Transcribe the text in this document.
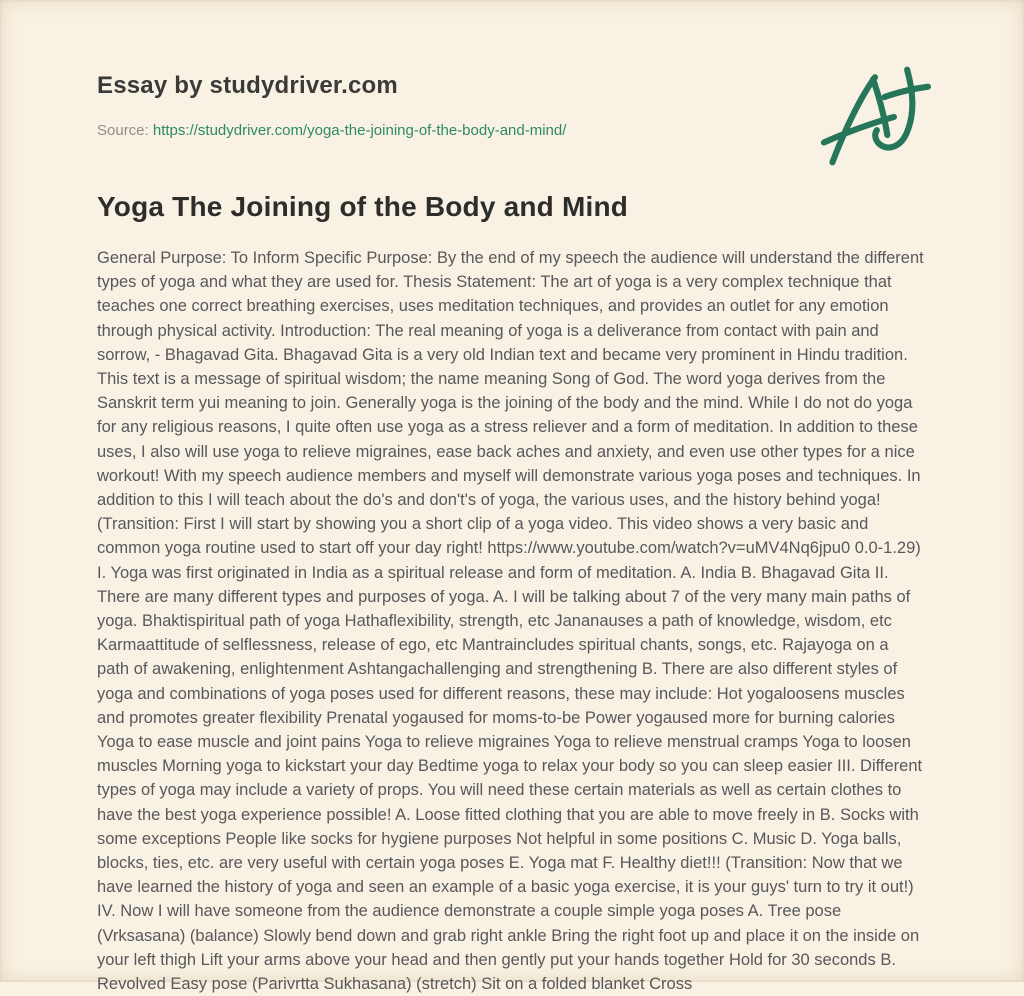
Essay by studydriver.com
Source: https://studydriver.com/yoga-the-joining-of-the-body-and-mind/
Yoga The Joining of the Body and Mind

General Purpose: To Inform Specific Purpose: By the end of my speech the audience will understand the different types of yoga and what they are used for. Thesis Statement: The art of yoga is a very complex technique that teaches one correct breathing exercises, uses meditation techniques, and provides an outlet for any emotion through physical activity. Introduction: The real meaning of yoga is a deliverance from contact with pain and sorrow, - Bhagavad Gita. Bhagavad Gita is a very old Indian text and became very prominent in Hindu tradition. This text is a message of spiritual wisdom; the name meaning Song of God. The word yoga derives from the Sanskrit term yui meaning to join. Generally yoga is the joining of the body and the mind. While I do not do yoga for any religious reasons, I quite often use yoga as a stress reliever and a form of meditation. In addition to these uses, I also will use yoga to relieve migraines, ease back aches and anxiety, and even use other types for a nice workout! With my speech audience members and myself will demonstrate various yoga poses and techniques. In addition to this I will teach about the do's and don't's of yoga, the various uses, and the history behind yoga! (Transition: First I will start by showing you a short clip of a yoga video. This video shows a very basic and common yoga routine used to start off your day right! https://www.youtube.com/watch?v=uMV4Nq6jpu0 0.0-1.29) I. Yoga was first originated in India as a spiritual release and form of meditation. A. India B. Bhagavad Gita II. There are many different types and purposes of yoga. A. I will be talking about 7 of the very many main paths of yoga. Bhaktispiritual path of yoga Hathaflexibility, strength, etc Jananauses a path of knowledge, wisdom, etc Karmaattitude of selflessness, release of ego, etc Mantraincludes spiritual chants, songs, etc. Rajayoga on a path of awakening, enlightenment Ashtangachallenging and strengthening B. There are also different styles of yoga and combinations of yoga poses used for different reasons, these may include: Hot yogaloosens muscles and promotes greater flexibility Prenatal yogaused for moms-to-be Power yogaused more for burning calories Yoga to ease muscle and joint pains Yoga to relieve migraines Yoga to relieve menstrual cramps Yoga to loosen muscles Morning yoga to kickstart your day Bedtime yoga to relax your body so you can sleep easier III. Different types of yoga may include a variety of props. You will need these certain materials as well as certain clothes to have the best yoga experience possible! A. Loose fitted clothing that you are able to move freely in B. Socks with some exceptions People like socks for hygiene purposes Not helpful in some positions C. Music D. Yoga balls, blocks, ties, etc. are very useful with certain yoga poses E. Yoga mat F. Healthy diet!!! (Transition: Now that we have learned the history of yoga and seen an example of a basic yoga exercise, it is your guys' turn to try it out!) IV. Now I will have someone from the audience demonstrate a couple simple yoga poses A. Tree pose (Vrksasana) (balance) Slowly bend down and grab right ankle Bring the right foot up and place it on the inside on your left thigh Lift your arms above your head and then gently put your hands together Hold for 30 seconds B. Revolved Easy pose (Parivrtta Sukhasana) (stretch) Sit on a folded blanket Cross
